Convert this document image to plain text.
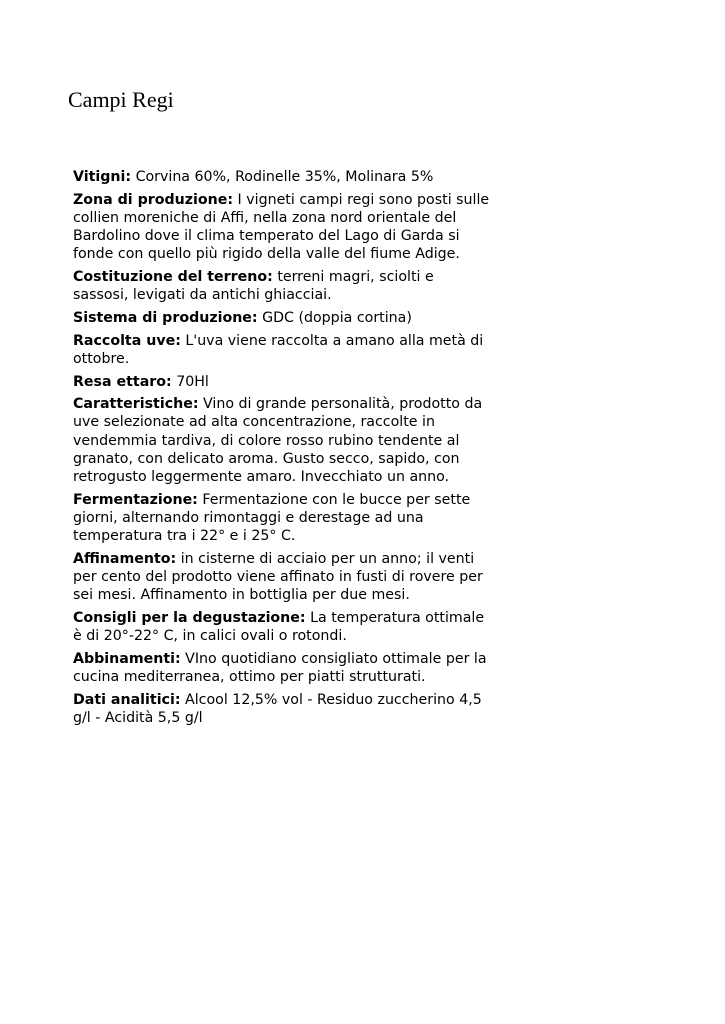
Campi Regi
Vitigni: Corvina 60%, Rodinelle 35%, Molinara 5%
Zona di produzione: I vigneti campi regi sono posti sulle collien moreniche di Affi, nella zona nord orientale del Bardolino dove il clima temperato del Lago di Garda si fonde con quello più rigido della valle del fiume Adige.
Costituzione del terreno: terreni magri, sciolti e sassosi, levigati da antichi ghiacciai.
Sistema di produzione: GDC (doppia cortina)
Raccolta uve: L'uva viene raccolta a amano alla metà di ottobre.
Resa ettaro: 70Hl
Caratteristiche: Vino di grande personalità, prodotto da uve selezionate ad alta concentrazione, raccolte in vendemmia tardiva, di colore rosso rubino tendente al granato, con delicato aroma. Gusto secco, sapido, con retrogusto leggermente amaro. Invecchiato un anno.
Fermentazione: Fermentazione con le bucce per sette giorni, alternando rimontaggi e derestage ad una temperatura tra i 22° e i 25° C.
Affinamento: in cisterne di acciaio per un anno; il venti per cento del prodotto viene affinato in fusti di rovere per sei mesi. Affinamento in bottiglia per due mesi.
Consigli per la degustazione: La temperatura ottimale è di 20°-22° C, in calici ovali o rotondi.
Abbinamenti: VIno quotidiano consigliato ottimale per la cucina mediterranea, ottimo per piatti strutturati.
Dati analitici: Alcool 12,5% vol - Residuo zuccherino 4,5 g/l - Acidità 5,5 g/l
